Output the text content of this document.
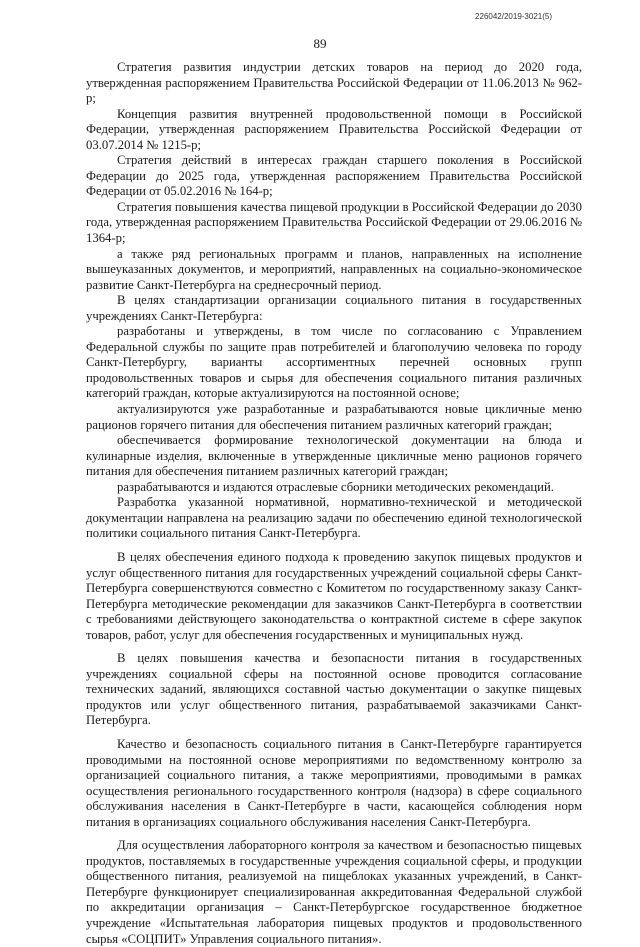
226042/2019-3021(5)
89

Стратегия развития индустрии детских товаров на период до 2020 года, утвержденная распоряжением Правительства Российской Федерации от 11.06.2013 № 962-р;

Концепция развития внутренней продовольственной помощи в Российской Федерации, утвержденная распоряжением Правительства Российской Федерации от 03.07.2014 № 1215-р;

Стратегия действий в интересах граждан старшего поколения в Российской Федерации до 2025 года, утвержденная распоряжением Правительства Российской Федерации от 05.02.2016 № 164-р;

Стратегия повышения качества пищевой продукции в Российской Федерации до 2030 года, утвержденная распоряжением Правительства Российской Федерации от 29.06.2016 № 1364-р;

а также ряд региональных программ и планов, направленных на исполнение вышеуказанных документов, и мероприятий, направленных на социально-экономическое развитие Санкт-Петербурга на среднесрочный период.

В целях стандартизации организации социального питания в государственных учреждениях Санкт-Петербурга:

разработаны и утверждены, в том числе по согласованию с Управлением Федеральной службы по защите прав потребителей и благополучию человека по городу Санкт-Петербургу, варианты ассортиментных перечней основных групп продовольственных товаров и сырья для обеспечения социального питания различных категорий граждан, которые актуализируются на постоянной основе;

актуализируются уже разработанные и разрабатываются новые цикличные меню рационов горячего питания для обеспечения питанием различных категорий граждан;

обеспечивается формирование технологической документации на блюда и кулинарные изделия, включенные в утвержденные цикличные меню рационов горячего питания для обеспечения питанием различных категорий граждан;

разрабатываются и издаются отраслевые сборники методических рекомендаций.

Разработка указанной нормативной, нормативно-технической и методической документации направлена на реализацию задачи по обеспечению единой технологической политики социального питания Санкт-Петербурга.

В целях обеспечения единого подхода к проведению закупок пищевых продуктов и услуг общественного питания для государственных учреждений социальной сферы Санкт-Петербурга совершенствуются совместно с Комитетом по государственному заказу Санкт-Петербурга методические рекомендации для заказчиков Санкт-Петербурга в соответствии с требованиями действующего законодательства о контрактной системе в сфере закупок товаров, работ, услуг для обеспечения государственных и муниципальных нужд.

В целях повышения качества и безопасности питания в государственных учреждениях социальной сферы на постоянной основе проводится согласование технических заданий, являющихся составной частью документации о закупке пищевых продуктов или услуг общественного питания, разрабатываемой заказчиками Санкт-Петербурга.

Качество и безопасность социального питания в Санкт-Петербурге гарантируется проводимыми на постоянной основе мероприятиями по ведомственному контролю за организацией социального питания, а также мероприятиями, проводимыми в рамках осуществления регионального государственного контроля (надзора) в сфере социального обслуживания населения в Санкт-Петербурге в части, касающейся соблюдения норм питания в организациях социального обслуживания населения Санкт-Петербурга.

Для осуществления лабораторного контроля за качеством и безопасностью пищевых продуктов, поставляемых в государственные учреждения социальной сферы, и продукции общественного питания, реализуемой на пищеблоках указанных учреждений, в Санкт-Петербурге функционирует специализированная аккредитованная Федеральной службой по аккредитации организация – Санкт-Петербургское государственное бюджетное учреждение «Испытательная лаборатория пищевых продуктов и продовольственного сырья «СОЦПИТ» Управления социального питания».
